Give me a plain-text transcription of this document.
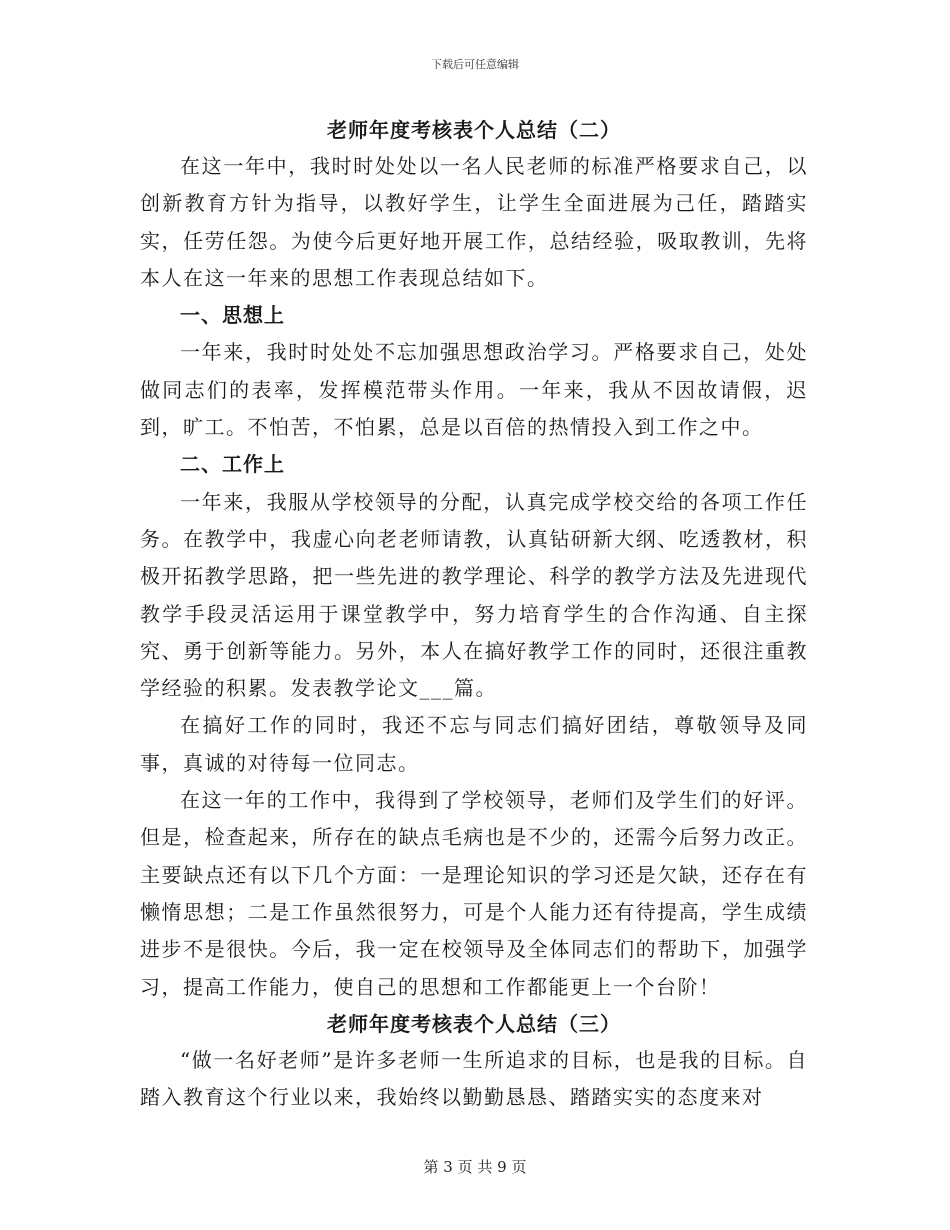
下载后可任意编辑
老师年度考核表个人总结（二）

在这一年中，我时时处处以一名人民老师的标准严格要求自己，以创新教育方针为指导，以教好学生，让学生全面进展为己任，踏踏实实，任劳任怨。为使今后更好地开展工作，总结经验，吸取教训，先将本人在这一年来的思想工作表现总结如下。

一、思想上

一年来，我时时处处不忘加强思想政治学习。严格要求自己，处处做同志们的表率，发挥模范带头作用。一年来，我从不因故请假，迟到，旷工。不怕苦，不怕累，总是以百倍的热情投入到工作之中。

二、工作上

一年来，我服从学校领导的分配，认真完成学校交给的各项工作任务。在教学中，我虚心向老老师请教，认真钻研新大纲、吃透教材，积极开拓教学思路，把一些先进的教学理论、科学的教学方法及先进现代教学手段灵活运用于课堂教学中，努力培育学生的合作沟通、自主探究、勇于创新等能力。另外，本人在搞好教学工作的同时，还很注重教学经验的积累。发表教学论文___篇。

在搞好工作的同时，我还不忘与同志们搞好团结，尊敬领导及同事，真诚的对待每一位同志。

在这一年的工作中，我得到了学校领导，老师们及学生们的好评。但是，检查起来，所存在的缺点毛病也是不少的，还需今后努力改正。主要缺点还有以下几个方面：一是理论知识的学习还是欠缺，还存在有懒惰思想；二是工作虽然很努力，可是个人能力还有待提高，学生成绩进步不是很快。今后，我一定在校领导及全体同志们的帮助下，加强学习，提高工作能力，使自己的思想和工作都能更上一个台阶！

老师年度考核表个人总结（三）

“做一名好老师”是许多老师一生所追求的目标，也是我的目标。自踏入教育这个行业以来，我始终以勤勤恳恳、踏踏实实的态度来对

第 3 页 共 9 页
